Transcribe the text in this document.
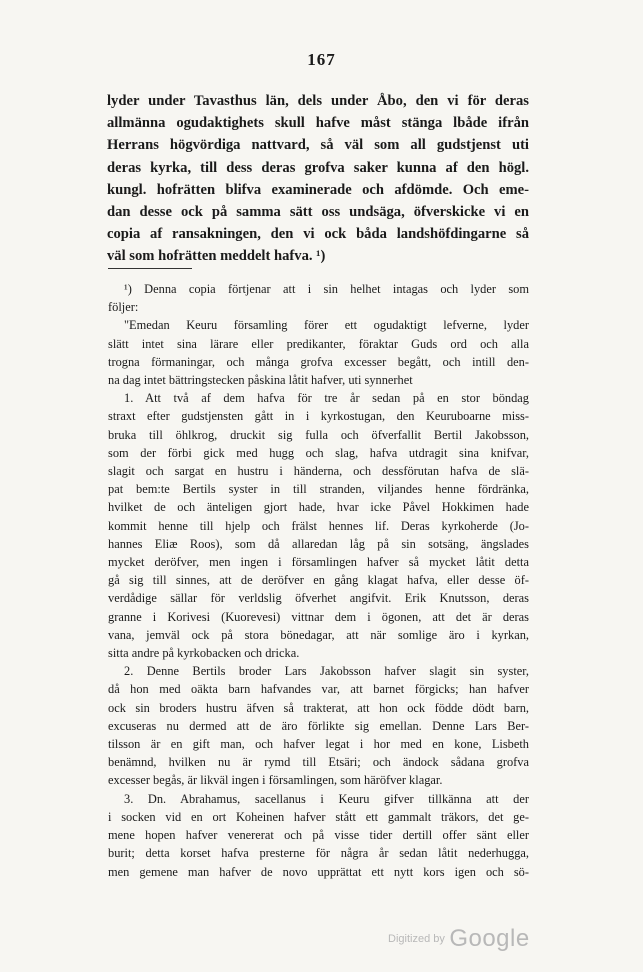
167
lyder under Tavasthus län, dels under Åbo, den vi för deras
allmänna ogudaktighets skull hafve måst stänga lbåde ifrån
Herrans högvördiga nattvard, så väl som all gudstjenst uti
deras kyrka, till dess deras grofva saker kunna af den högl.
kungl. hofrätten blifva examinerade och afdömde. Och eme-
dan desse ock på samma sätt oss undsäga, öfverskicke vi en
copia af ransakningen, den vi ock båda landshöfdingarne så
väl som hofrätten meddelt hafva. ¹)
¹) Denna copia förtjenar att i sin helhet intagas och lyder som
följer:
"Emedan Keuru församling förer ett ogudaktigt lefverne, lyder
slätt intet sina lärare eller predikanter, föraktar Guds ord och alla
trogna förmaningar, och många grofva excesser begått, och intill den-
na dag intet bättringstecken påskina låtit hafver, uti synnerhet
1. Att två af dem hafva för tre år sedan på en stor böndag
straxt efter gudstjensten gått in i kyrkostugan, den Keuruboarne miss-
bruka till öhlkrog, druckit sig fulla och öfverfallit Bertil Jakobsson,
som der förbi gick med hugg och slag, hafva utdragit sina knifvar,
slagit och sargat en hustru i händerna, och dessförutan hafva de slä-
pat bem:te Bertils syster in till stranden, viljandes henne fördränka,
hvilket de och änteligen gjort hade, hvar icke Påvel Hokkimen hade
kommit henne till hjelp och frälst hennes lif. Deras kyrkoherde (Jo-
hannes Eliæ Roos), som då allaredan låg på sin sotsäng, ängslades
mycket deröfver, men ingen i församlingen hafver så mycket låtit detta
gå sig till sinnes, att de deröfver en gång klagat hafva, eller desse öf-
verdådige sällar för verldslig öfverhet angifvit. Erik Knutsson, deras
granne i Korivesi (Kuorevesi) vittnar dem i ögonen, att det är deras
vana, jemväl ock på stora bönedagar, att när somlige äro i kyrkan,
sitta andre på kyrkobacken och dricka.
2. Denne Bertils broder Lars Jakobsson hafver slagit sin syster,
då hon med oäkta barn hafvandes var, att barnet förgicks; han hafver
ock sin broders hustru äfven så trakterat, att hon ock födde dödt barn,
excuseras nu dermed att de äro förlikte sig emellan. Denne Lars Ber-
tilsson är en gift man, och hafver legat i hor med en kone, Lisbeth
benämnd, hvilken nu är rymd till Etsäri; och ändock sådana grofva
excesser begås, är likväl ingen i församlingen, som häröfver klagar.
3. Dn. Abrahamus, sacellanus i Keuru gifver tillkänna att der
i socken vid en ort Koheinen hafver stått ett gammalt träkors, det ge-
mene hopen hafver venererat och på visse tider dertill offer sänt eller
burit; detta korset hafva presterne för några år sedan låtit nederhugga,
men gemene man hafver de novo upprättat ett nytt kors igen och sö-
Digitized by Google
